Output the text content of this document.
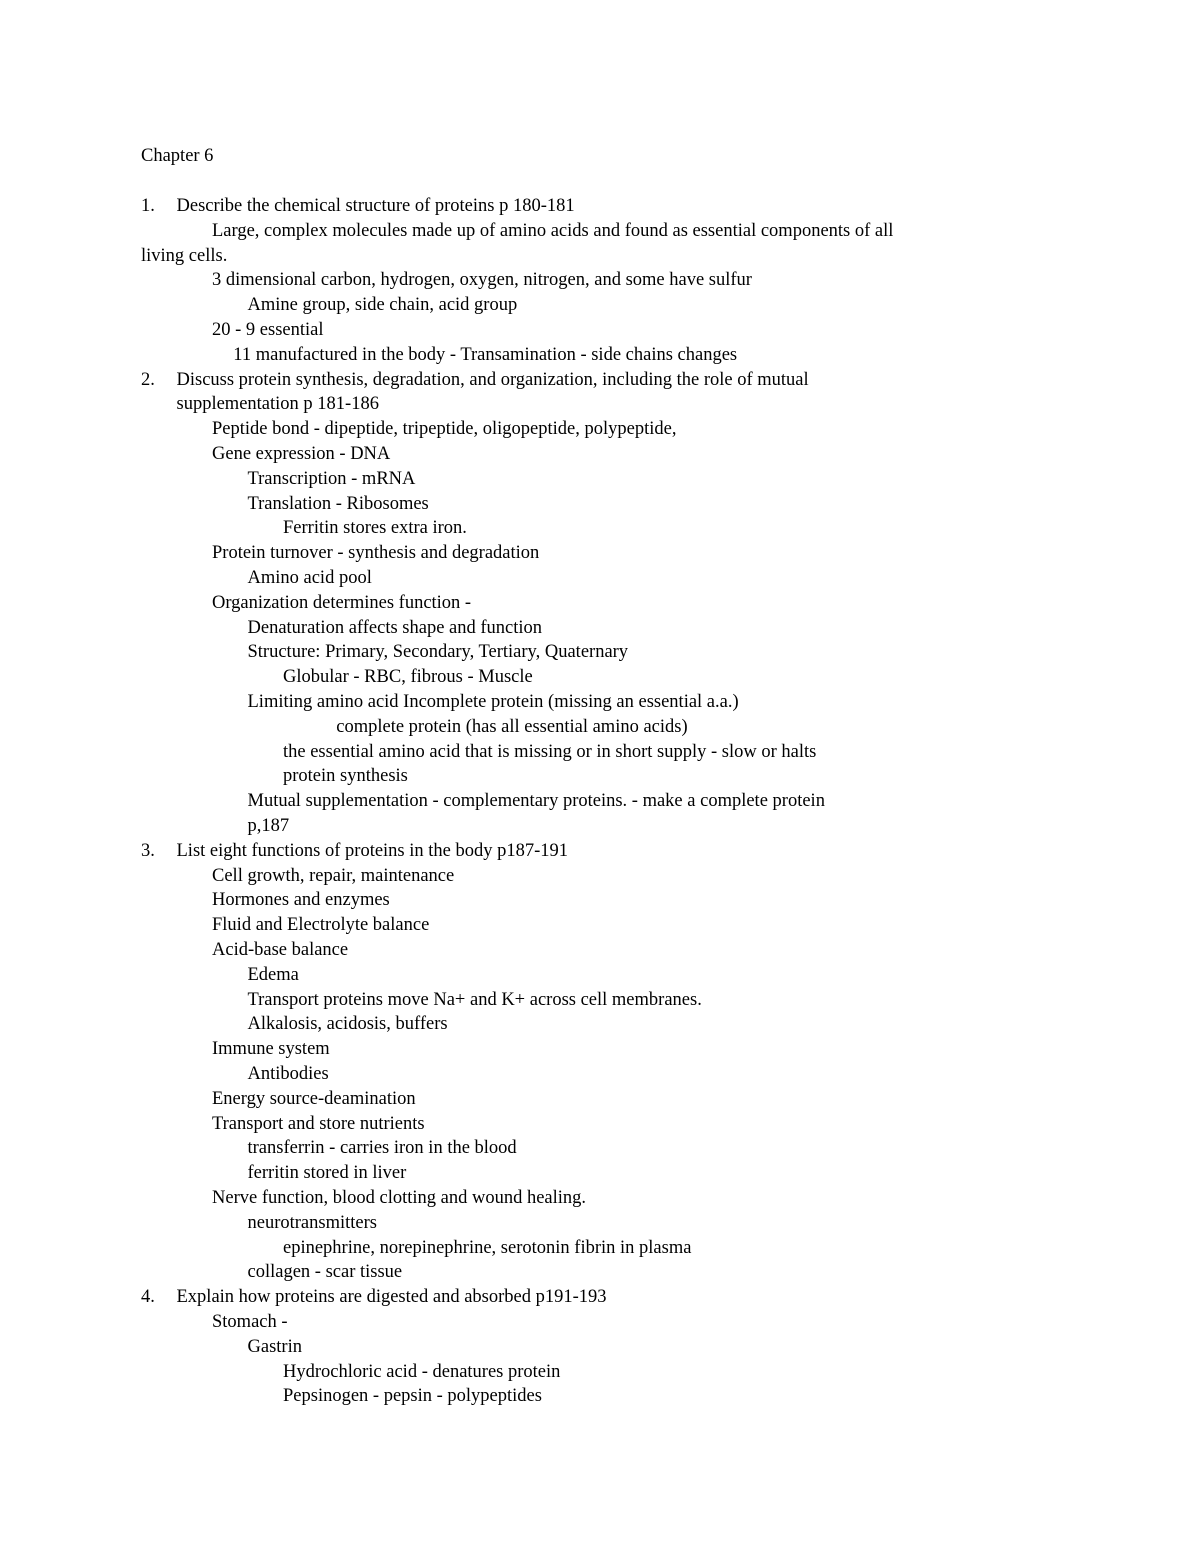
Chapter 6
1. Describe the chemical structure of proteins p 180-181
Large, complex molecules made up of amino acids and found as essential components of all
living cells.
3 dimensional carbon, hydrogen, oxygen, nitrogen, and some have sulfur
Amine group, side chain, acid group
20 - 9 essential
11 manufactured in the body - Transamination - side chains changes
2. Discuss protein synthesis, degradation, and organization, including the role of mutual
supplementation p 181-186
Peptide bond - dipeptide, tripeptide, oligopeptide, polypeptide,
Gene expression - DNA
Transcription - mRNA
Translation - Ribosomes
Ferritin stores extra iron.
Protein turnover - synthesis and degradation
Amino acid pool
Organization determines function -
Denaturation affects shape and function
Structure: Primary, Secondary, Tertiary, Quaternary
Globular - RBC, fibrous - Muscle
Limiting amino acid Incomplete protein (missing an essential a.a.)
complete protein (has all essential amino acids)
the essential amino acid that is missing or in short supply - slow or halts
protein synthesis
Mutual supplementation - complementary proteins. - make a complete protein
p,187
3. List eight functions of proteins in the body p187-191
Cell growth, repair, maintenance
Hormones and enzymes
Fluid and Electrolyte balance
Acid-base balance
Edema
Transport proteins move Na+ and K+ across cell membranes.
Alkalosis, acidosis, buffers
Immune system
Antibodies
Energy source-deamination
Transport and store nutrients
transferrin - carries iron in the blood
ferritin stored in liver
Nerve function, blood clotting and wound healing.
neurotransmitters
epinephrine, norepinephrine, serotonin fibrin in plasma
collagen - scar tissue
4. Explain how proteins are digested and absorbed p191-193
Stomach -
Gastrin
Hydrochloric acid - denatures protein
Pepsinogen - pepsin - polypeptides
